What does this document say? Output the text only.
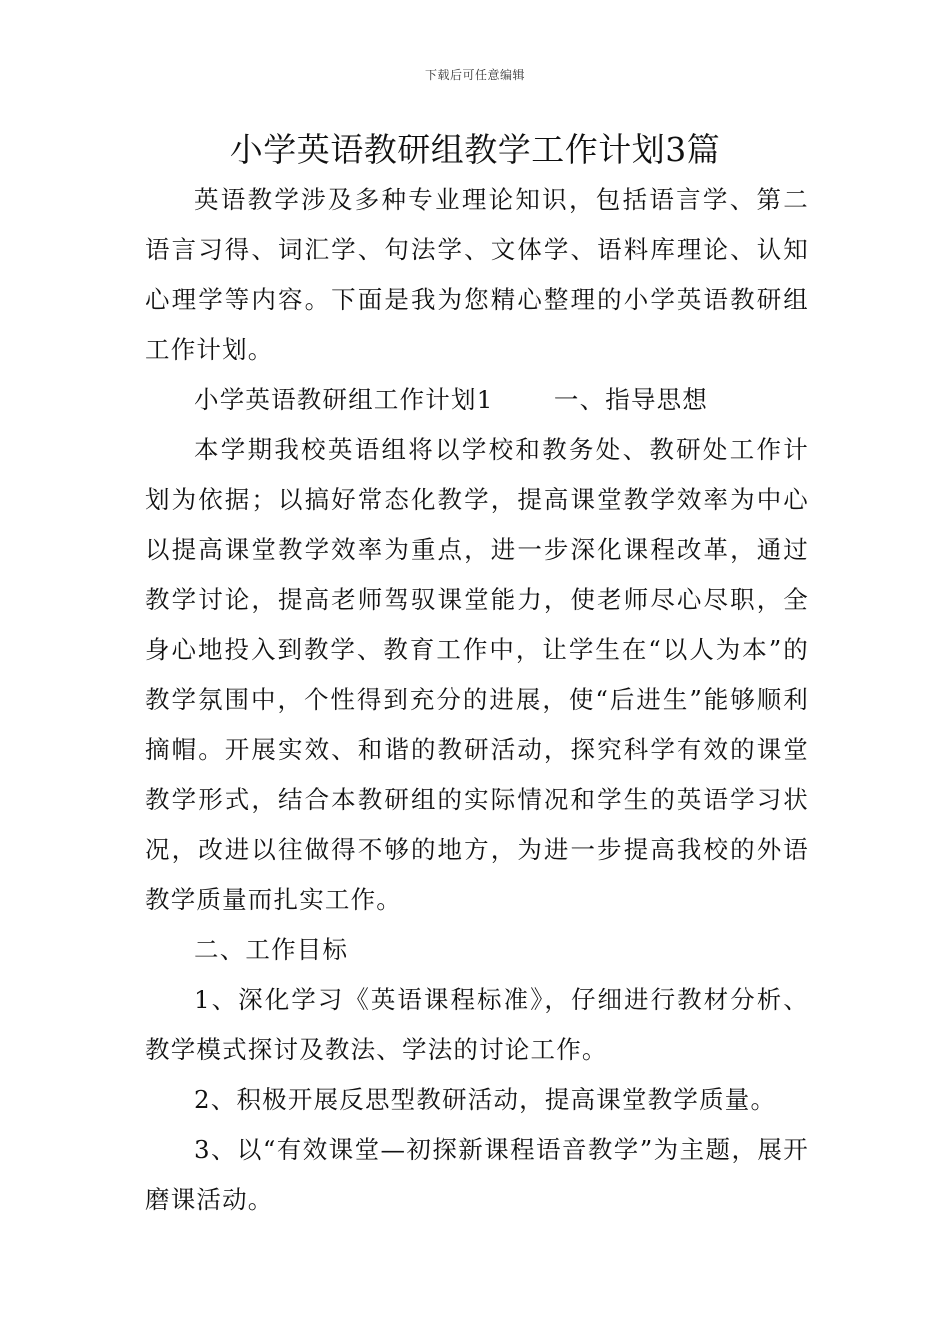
下载后可任意编辑
小学英语教研组教学工作计划3篇

英语教学涉及多种专业理论知识，包括语言学、第二语言习得、词汇学、句法学、文体学、语料库理论、认知心理学等内容。下面是我为您精心整理的小学英语教研组工作计划。

小学英语教研组工作计划1　　 一、指导思想

本学期我校英语组将以学校和教务处、教研处工作计划为依据；以搞好常态化教学，提高课堂教学效率为中心以提高课堂教学效率为重点，进一步深化课程改革，通过教学讨论，提高老师驾驭课堂能力，使老师尽心尽职，全身心地投入到教学、教育工作中，让学生在“以人为本”的教学氛围中，个性得到充分的进展，使“后进生”能够顺利摘帽。开展实效、和谐的教研活动，探究科学有效的课堂教学形式，结合本教研组的实际情况和学生的英语学习状况，改进以往做得不够的地方，为进一步提高我校的外语教学质量而扎实工作。

二、工作目标

1、深化学习《英语课程标准》，仔细进行教材分析、教学模式探讨及教法、学法的讨论工作。

2、积极开展反思型教研活动，提高课堂教学质量。

3、以“有效课堂—初探新课程语音教学”为主题，展开磨课活动。
